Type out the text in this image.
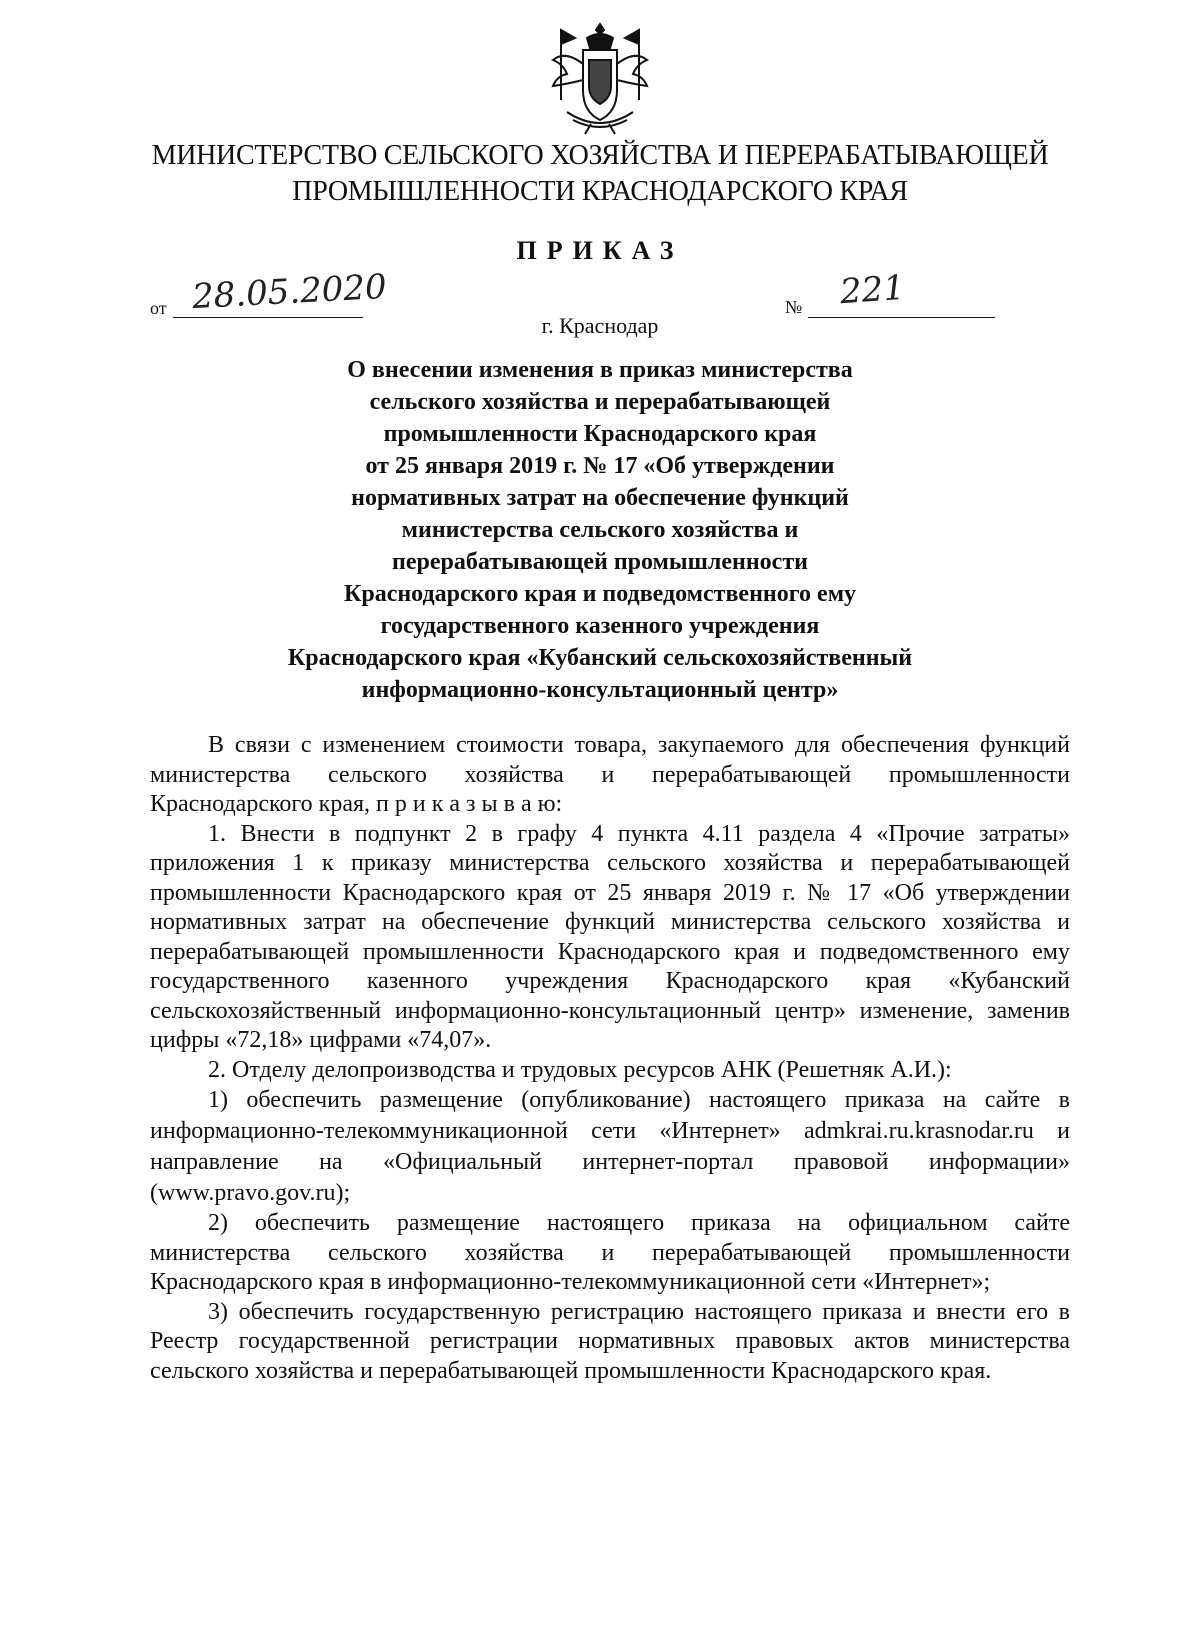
МИНИСТЕРСТВО СЕЛЬСКОГО ХОЗЯЙСТВА И ПЕРЕРАБАТЫВАЮЩЕЙ
ПРОМЫШЛЕННОСТИ КРАСНОДАРСКОГО КРАЯ
ПРИКАЗ
от 28.05.2020	№ 221
г. Краснодар
О внесении изменения в приказ министерства
сельского хозяйства и перерабатывающей
промышленности Краснодарского края
от 25 января 2019 г. № 17 «Об утверждении
нормативных затрат на обеспечение функций
министерства сельского хозяйства и
перерабатывающей промышленности
Краснодарского края и подведомственного ему
государственного казенного учреждения
Краснодарского края «Кубанский сельскохозяйственный
информационно-консультационный центр»

В связи с изменением стоимости товара, закупаемого для обеспечения функций министерства сельского хозяйства и перерабатывающей промышленности Краснодарского края, п р и к а з ы в а ю:

1. Внести в подпункт 2 в графу 4 пункта 4.11 раздела 4 «Прочие затраты» приложения 1 к приказу министерства сельского хозяйства и перерабатывающей промышленности Краснодарского края от 25 января 2019 г. № 17 «Об утверждении нормативных затрат на обеспечение функций министерства сельского хозяйства и перерабатывающей промышленности Краснодарского края и подведомственного ему государственного казенного учреждения Краснодарского края «Кубанский сельскохозяйственный информационно-консультационный центр» изменение, заменив цифры «72,18» цифрами «74,07».

2. Отделу делопроизводства и трудовых ресурсов АНК (Решетняк А.И.):

1) обеспечить размещение (опубликование) настоящего приказа на сайте в информационно-телекоммуникационной сети «Интернет» admkrai.ru.krasnodar.ru и направление на «Официальный интернет-портал правовой информации» (www.pravo.gov.ru);

2) обеспечить размещение настоящего приказа на официальном сайте министерства сельского хозяйства и перерабатывающей промышленности Краснодарского края в информационно-телекоммуникационной сети «Интернет»;

3) обеспечить государственную регистрацию настоящего приказа и внести его в Реестр государственной регистрации нормативных правовых актов министерства сельского хозяйства и перерабатывающей промышленности Краснодарского края.
